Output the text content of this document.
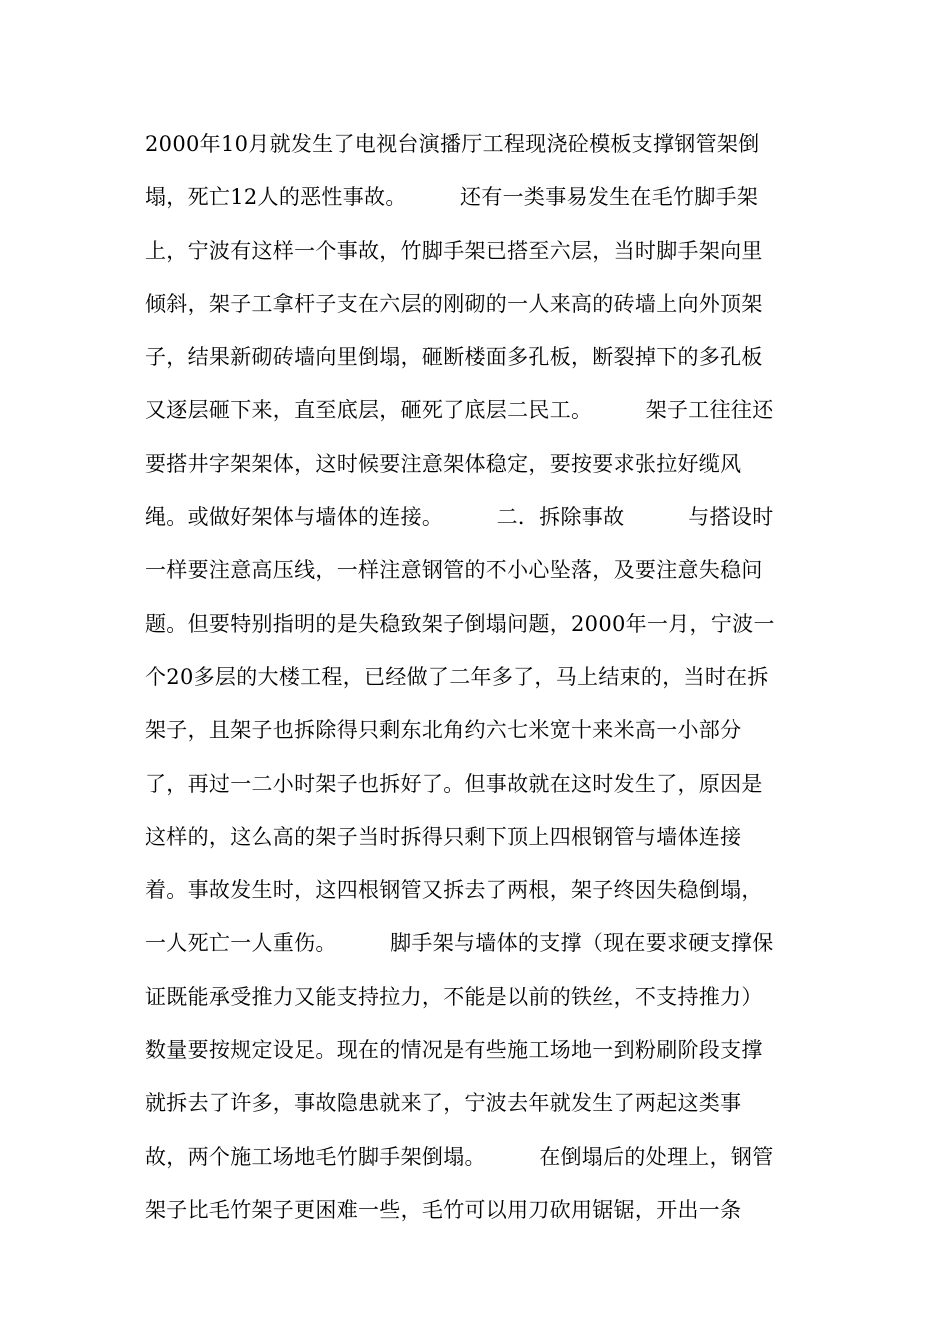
2000年10月就发生了电视台演播厅工程现浇砼模板支撑钢管架倒
塌，死亡12人的恶性事故。　　　还有一类事易发生在毛竹脚手架
上，宁波有这样一个事故，竹脚手架已搭至六层，当时脚手架向里
倾斜，架子工拿杆子支在六层的刚砌的一人来高的砖墙上向外顶架
子，结果新砌砖墙向里倒塌，砸断楼面多孔板，断裂掉下的多孔板
又逐层砸下来，直至底层，砸死了底层二民工。　　　架子工往往还
要搭井字架架体，这时候要注意架体稳定，要按要求张拉好缆风
绳。或做好架体与墙体的连接。　　　二．拆除事故　　　与搭设时
一样要注意高压线，一样注意钢管的不小心坠落，及要注意失稳问
题。但要特别指明的是失稳致架子倒塌问题，2000年一月，宁波一
个20多层的大楼工程，已经做了二年多了，马上结束的，当时在拆
架子，且架子也拆除得只剩东北角约六七米宽十来米高一小部分
了，再过一二小时架子也拆好了。但事故就在这时发生了，原因是
这样的，这么高的架子当时拆得只剩下顶上四根钢管与墙体连接
着。事故发生时，这四根钢管又拆去了两根，架子终因失稳倒塌，
一人死亡一人重伤。　　　脚手架与墙体的支撑（现在要求硬支撑保
证既能承受推力又能支持拉力，不能是以前的铁丝，不支持推力）
数量要按规定设足。现在的情况是有些施工场地一到粉刷阶段支撑
就拆去了许多，事故隐患就来了，宁波去年就发生了两起这类事
故，两个施工场地毛竹脚手架倒塌。　　　在倒塌后的处理上，钢管
架子比毛竹架子更困难一些，毛竹可以用刀砍用锯锯，开出一条
